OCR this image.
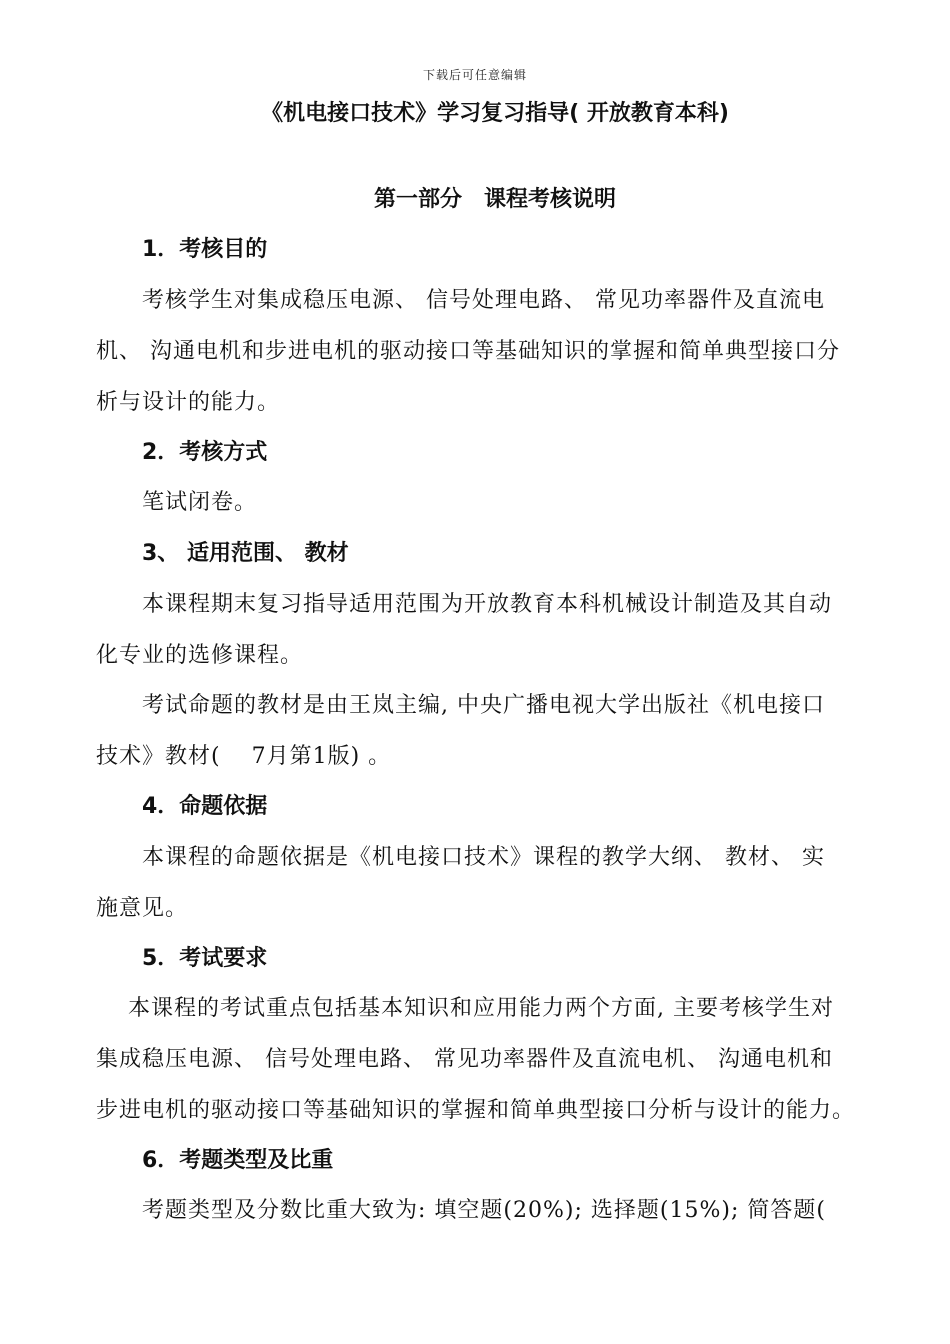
下载后可任意编辑
《机电接口技术》学习复习指导( 开放教育本科)
第一部分　课程考核说明
1．考核目的
考核学生对集成稳压电源、 信号处理电路、 常见功率器件及直流电
机、 沟通电机和步进电机的驱动接口等基础知识的掌握和简单典型接口分
析与设计的能力。
2．考核方式
笔试闭卷。
3、 适用范围、 教材
本课程期末复习指导适用范围为开放教育本科机械设计制造及其自动
化专业的选修课程。
考试命题的教材是由王岚主编, 中央广播电视大学出版社《机电接口
技术》教材(　 7月第1版) 。
4．命题依据
本课程的命题依据是《机电接口技术》课程的教学大纲、 教材、 实
施意见。
5．考试要求
本课程的考试重点包括基本知识和应用能力两个方面, 主要考核学生对
集成稳压电源、 信号处理电路、 常见功率器件及直流电机、 沟通电机和
步进电机的驱动接口等基础知识的掌握和简单典型接口分析与设计的能力。
6．考题类型及比重
考题类型及分数比重大致为: 填空题(20%); 选择题(15%); 简答题(
